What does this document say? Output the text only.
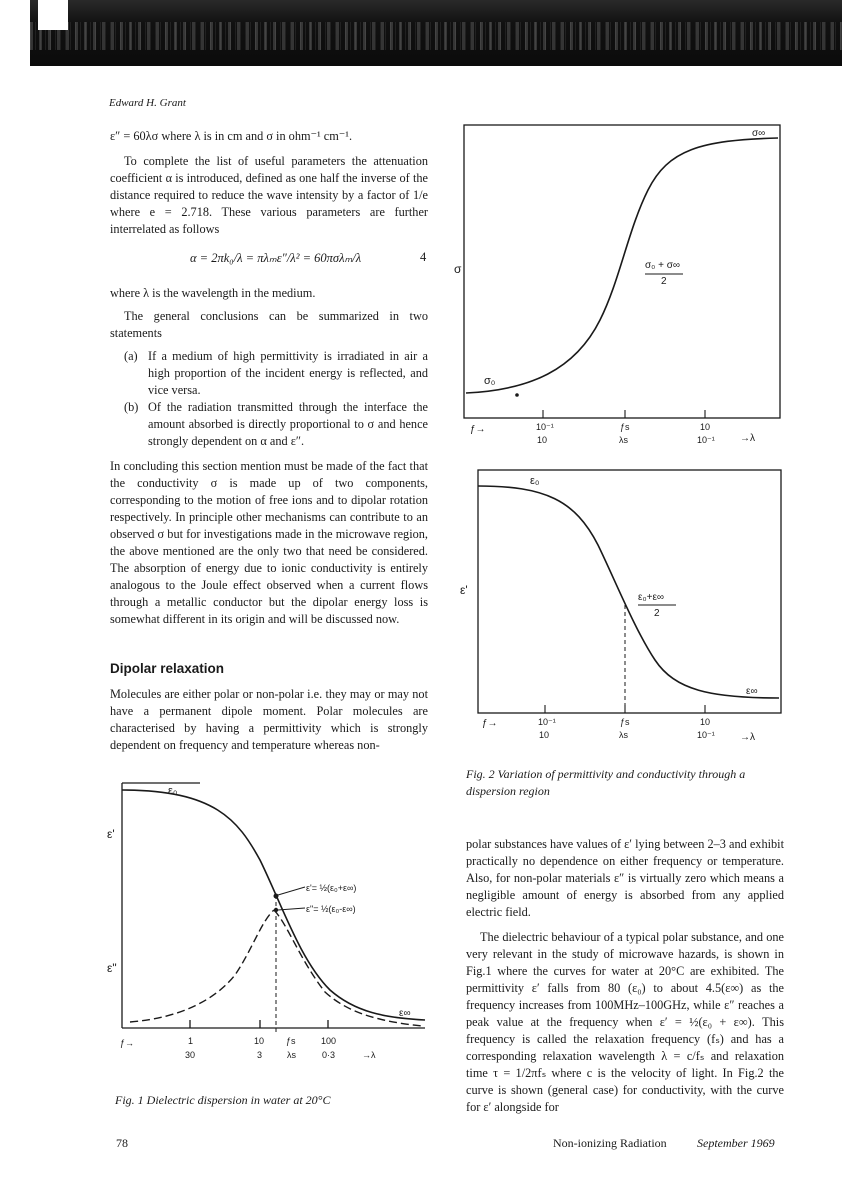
Edward H. Grant

ε″ = 60λσ where λ is in cm and σ in ohm⁻¹ cm⁻¹.

To complete the list of useful parameters the attenuation coefficient α is introduced, defined as one half the inverse of the distance required to reduce the wave intensity by a factor of 1/e where e = 2.718. These various parameters are further interrelated as follows

α = 2πk₀/λ = πλₘε″/λ² = 60πσλₘ/λ	4

where λ is the wavelength in the medium.

The general conclusions can be summarized in two statements

(a) If a medium of high permittivity is irradiated in air a high proportion of the incident energy is reflected, and vice versa.
(b) Of the radiation transmitted through the interface the amount absorbed is directly proportional to σ and hence strongly dependent on α and ε″.

In concluding this section mention must be made of the fact that the conductivity σ is made up of two components, corresponding to the motion of free ions and to dipolar rotation respectively. In principle other mechanisms can contribute to an observed σ but for investigations made in the microwave region, the above mentioned are the only two that need be considered. The absorption of energy due to ionic conductivity is entirely analogous to the Joule effect observed when a current flows through a metallic conductor but the dipolar energy loss is somewhat different in its origin and will be discussed now.

Dipolar relaxation

Molecules are either polar or non-polar i.e. they may or may not have a permanent dipole moment. Polar molecules are characterised by having a permittivity which is strongly dependent on frequency and temperature whereas non-

polar substances have values of ε′ lying between 2–3 and exhibit practically no dependence on either frequency or temperature. Also, for non-polar materials ε″ is virtually zero which means a negligible amount of energy is absorbed from any applied electric field.

The dielectric behaviour of a typical polar substance, and one very relevant in the study of microwave hazards, is shown in Fig.1 where the curves for water at 20°C are exhibited. The permittivity ε′ falls from 80 (ε₀) to about 4.5(ε∞) as the frequency increases from 100MHz–100GHz, while ε″ reaches a peak value at the frequency when ε′ = ½(ε₀ + ε∞). This frequency is called the relaxation frequency (fₛ) and has a corresponding relaxation wavelength λ = c/fₛ and relaxation time τ = 1/2πfₛ where c is the velocity of light. In Fig.2 the curve is shown (general case) for conductivity, with the curve for ε′ alongside for

ε'
ε"
ε₀
ε∞
ε'= ½(ε₀+ε∞)
ε"= ½(ε₀-ε∞)
ƒ→	1	10 ƒs	100
30	3	λs	0·3	→λ
Fig. 1 Dielectric dispersion in water at 20°C
σ
σ₀
σ∞
σ₀ + σ∞
2
ƒ→	10⁻¹	ƒs	10
10	λs	10⁻¹	→λ
ε'
ε₀
ε∞
ε₀+ε∞
2
ƒ→	10⁻¹	ƒs	10
10	λs	10⁻¹	→λ
Fig. 2 Variation of permittivity and conductivity through a dispersion region
78	Non-ionizing Radiation	September 1969
